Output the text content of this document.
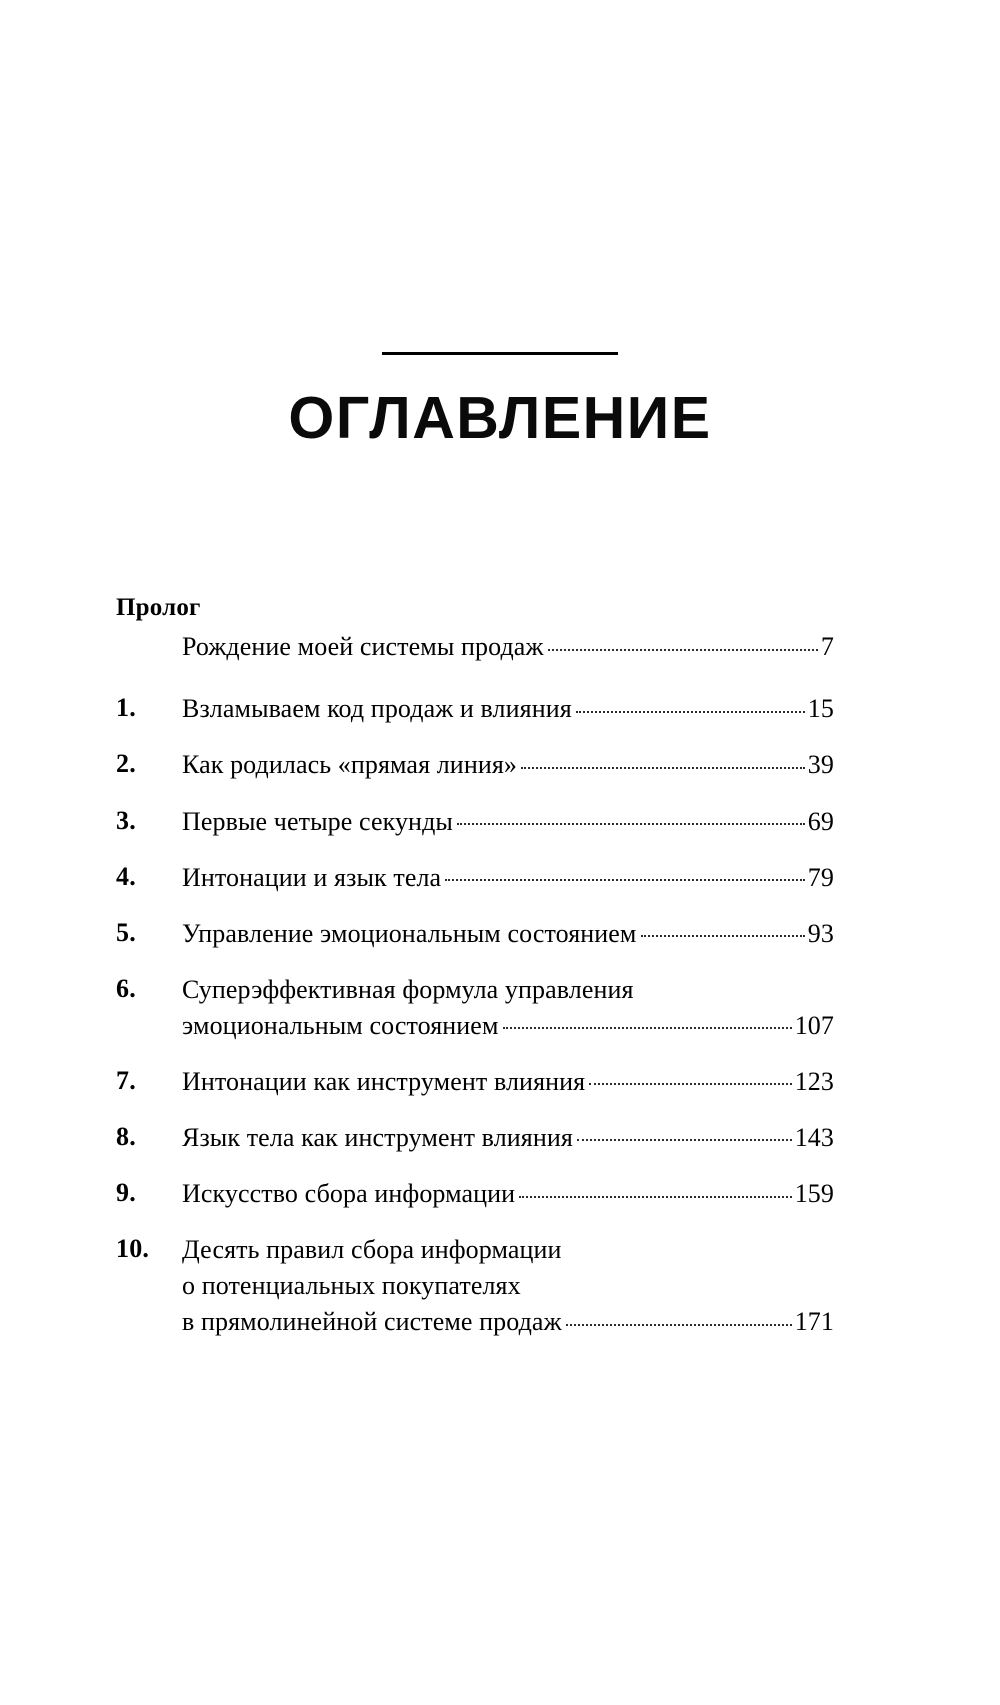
ОГЛАВЛЕНИЕ
Пролог
Рождение моей системы продаж	7
1.	Взламываем код продаж и влияния	15
2.	Как родилась «прямая линия»	39
3.	Первые четыре секунды	69
4.	Интонации и язык тела	79
5.	Управление эмоциональным состоянием	93
6.	Суперэффективная формула управления
эмоциональным состоянием	107
7.	Интонации как инструмент влияния	123
8.	Язык тела как инструмент влияния	143
9.	Искусство сбора информации	159
10.	Десять правил сбора информации
о потенциальных покупателях
в прямолинейной системе продаж	171
